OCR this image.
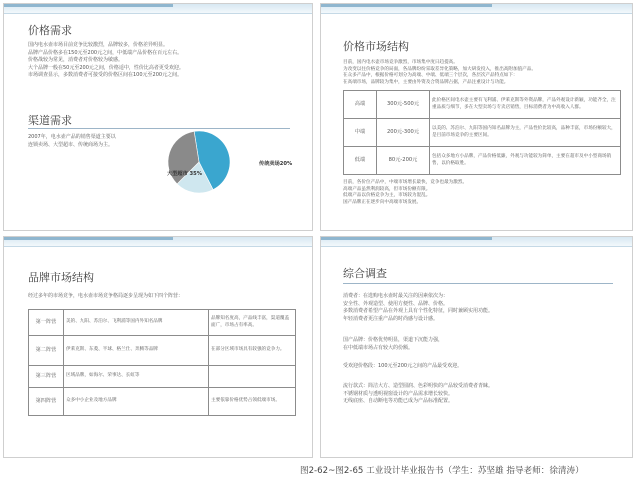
价格需求
国内电水壶市场目前竞争比较激烈，品牌较多，价格差异明显。
品牌产品价格多在150元至200元之间，中低端产品价格在百元左右。
价格战较为常见，消费者对价格较为敏感。
大个品牌一般在50元至200元之间，价格适中，性价比高者更受欢迎。
市场调查显示，多数消费者可接受的价格区间在100元至200元之间。
渠道需求
2007年，电水壶产品的销售渠道主要以
连锁卖场、大型超市、传统商场为主。
连锁卖场 45%
传统卖场20%
大型超市 35%
价格市场结构
目前，国内电水壶市场竞争激烈，市场集中度日趋提高。
为改变以往价格竞争的局面，各品牌纷纷采取差异化策略，加大研发投入，推出高附加值产品。
在众多产品中，根据价格可划分为高端、中端、低端三个层次，各层次产品特点如下：
在高端市场，品牌较为集中，主要由外资及合资品牌占据，产品注重设计与功能。
高端	300元-500元	此价格区间电水壶主要有飞利浦、伊莱克斯等外资品牌，产品外观设计新颖，功能齐全，注重品质与细节，多在大型卖场与专卖店销售，目标消费者为中高收入人群。
中端	200元-300元	以美的、苏泊尔、九阳等国内知名品牌为主，产品性价比较高，品种丰富，市场份额较大，是目前市场竞争的主要区间。
低端	80元-200元	包括众多地方小品牌，产品价格低廉，外观与功能较为简单，主要在超市及中小型商场销售，以价格取胜。
目前，各价位产品中，中端市场增长最快，竞争也最为激烈。
高端产品虽然利润较高，但市场份额有限。
低端产品以价格竞争为主，市场较为混乱。
国产品牌正在逐步向中高端市场发展。
品牌市场结构
经过多年的市场竞争，电水壶市场竞争格局逐步呈现为如下四个阵营：
第一阵营	美的、九阳、苏泊尔、飞利浦等国内外知名品牌	品牌知名度高，产品线丰富，渠道覆盖面广，市场占有率高。
第二阵营	伊莱克斯、东菱、半球、格兰仕、奔腾等品牌	在部分区域市场具有较强的竞争力。
第三阵营	区域品牌，如海尔、荣事达、长虹等	
第四阵营	众多中小企业及地方品牌	主要依靠价格优势占领低端市场。
综合调查
消费者：在选购电水壶时最关注的因素依次为：
安全性、外观造型、使用方便性、品牌、价格。
多数消费者希望产品在外观上具有个性化特征，同时兼顾实用功能。
年轻消费者更注重产品的时尚感与设计感。
国产品牌：价格优势明显，渠道下沉能力强，
在中低端市场占有较大的份额。
受欢迎价格段：100元至200元之间的产品最受欢迎。
流行款式：简洁大方、造型圆润、色彩明快的产品较受消费者青睐。
不锈钢材质与透明视窗设计的产品需求增长较快。
无线底座、自动断电等功能已成为产品标准配置。
图2-62~图2-65 工业设计毕业报告书（学生：苏坚雄 指导老师：徐清涛）
